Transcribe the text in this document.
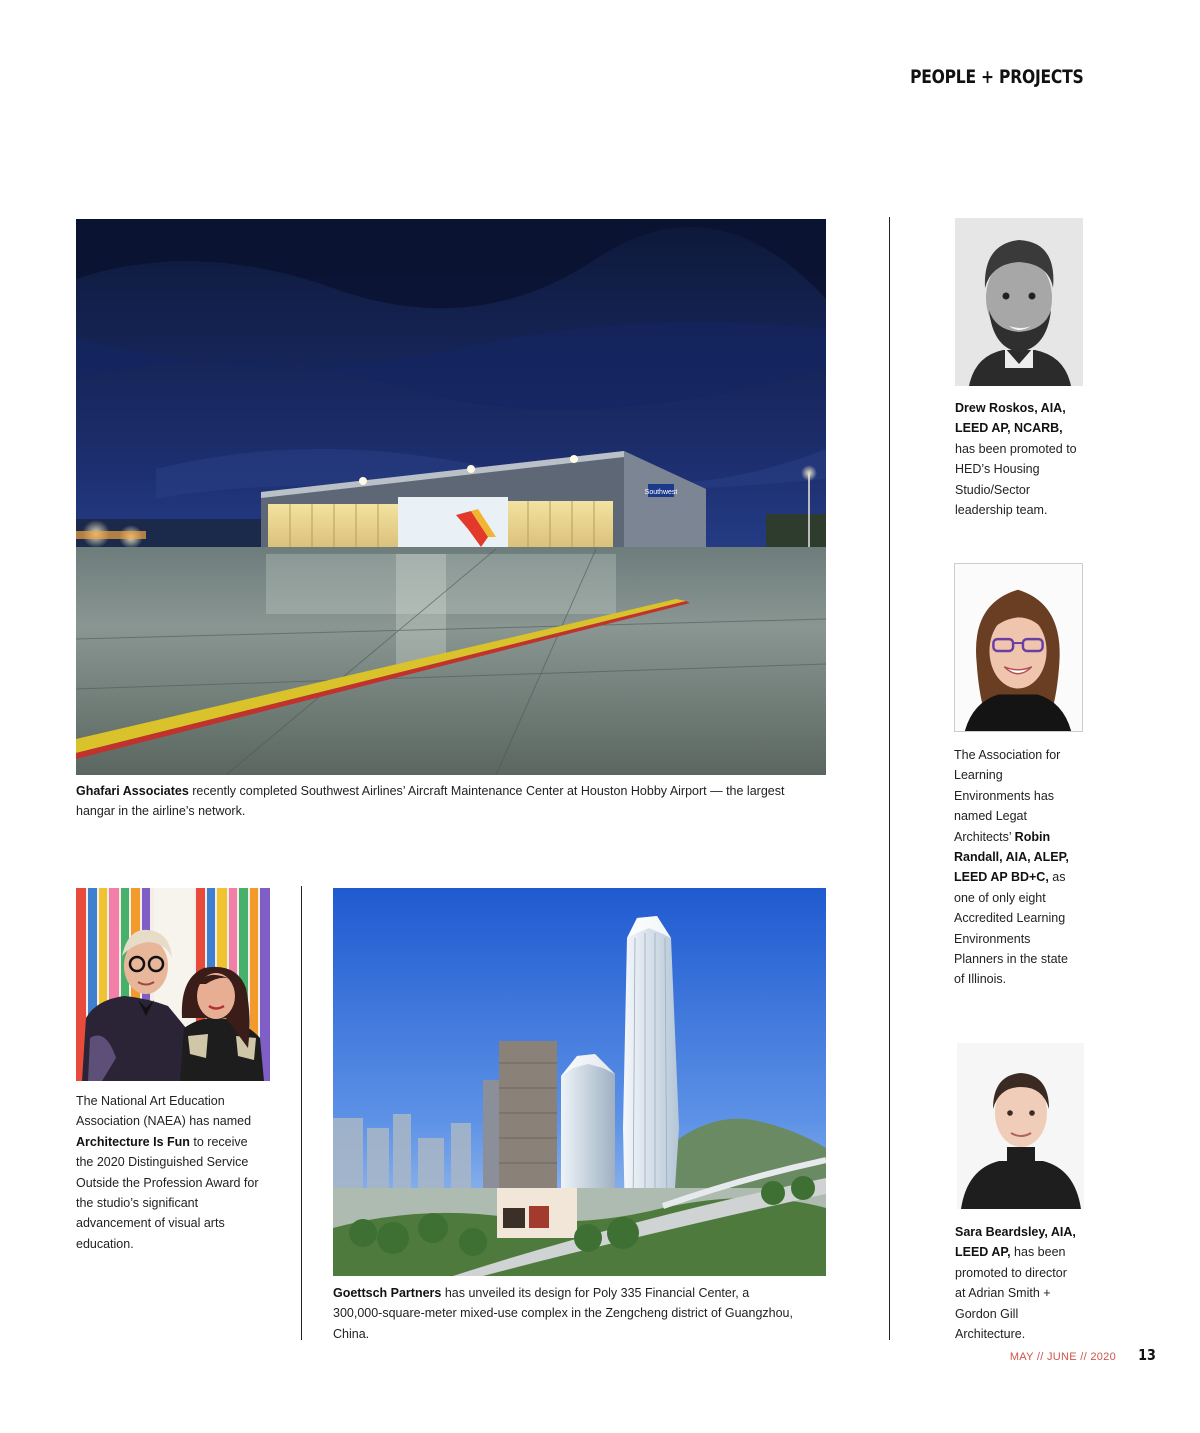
PEOPLE + PROJECTS
Southwest
Ghafari Associates recently completed Southwest Airlines’ Aircraft Maintenance Center at Houston Hobby Airport — the largest hangar in the airline’s network.
The National Art Education Association (NAEA) has named Architecture Is Fun to receive the 2020 Distinguished Service Outside the Profession Award for the studio’s significant advancement of visual arts education.
Goettsch Partners has unveiled its design for Poly 335 Financial Center, a 300,000-square-meter mixed-use complex in the Zengcheng district of Guangzhou, China.
Drew Roskos, AIA, LEED AP, NCARB, has been promoted to HED’s Housing Studio/Sector leadership team.
The Association for Learning Environments has named Legat Architects’ Robin Randall, AIA, ALEP, LEED AP BD+C, as one of only eight Accredited Learning Environments Planners in the state of Illinois.
Sara Beardsley, AIA, LEED AP, has been promoted to director at Adrian Smith + Gordon Gill Architecture.
MAY // JUNE // 2020 13
